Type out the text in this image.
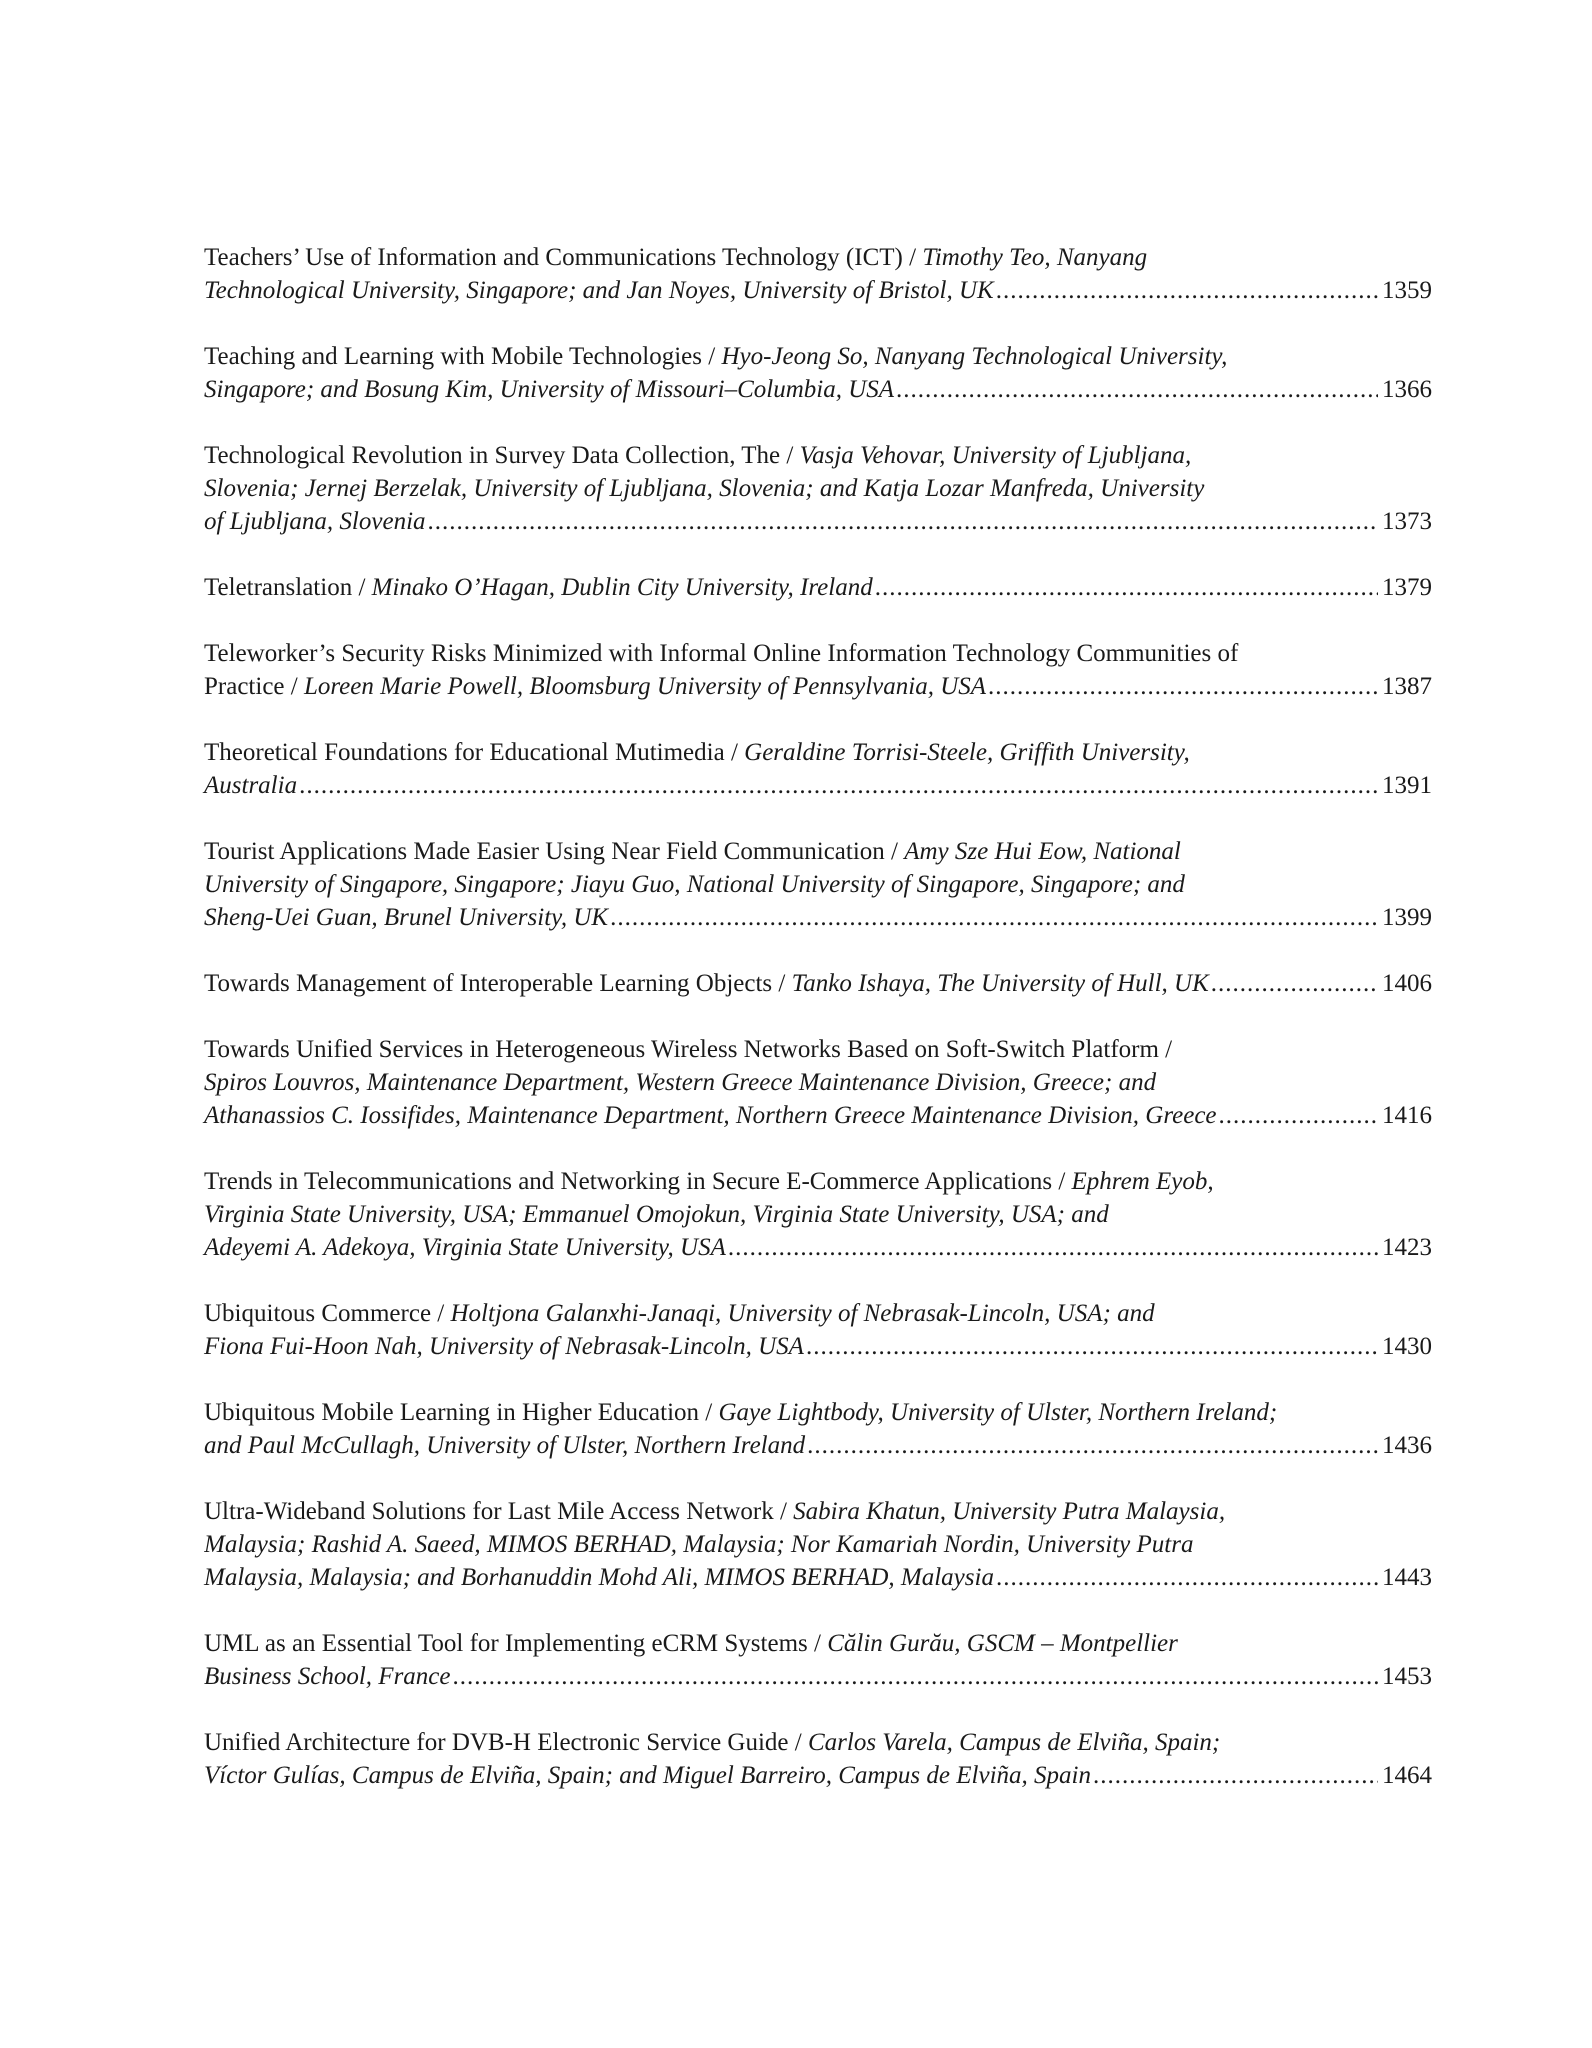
Teachers’ Use of Information and Communications Technology (ICT) / Timothy Teo, Nanyang
Technological University, Singapore; and Jan Noyes, University of Bristol, UK .....	1359
Teaching and Learning with Mobile Technologies / Hyo-Jeong So, Nanyang Technological University,
Singapore; and Bosung Kim, University of Missouri–Columbia, USA .....	1366
Technological Revolution in Survey Data Collection, The / Vasja Vehovar, University of Ljubljana,
Slovenia; Jernej Berzelak, University of Ljubljana, Slovenia; and Katja Lozar Manfreda, University
of Ljubljana, Slovenia .....	1373
Teletranslation / Minako O’Hagan, Dublin City University, Ireland .....	1379
Teleworker’s Security Risks Minimized with Informal Online Information Technology Communities of
Practice / Loreen Marie Powell, Bloomsburg University of Pennsylvania, USA .....	1387
Theoretical Foundations for Educational Mutimedia / Geraldine Torrisi-Steele, Griffith University,
Australia .....	1391
Tourist Applications Made Easier Using Near Field Communication / Amy Sze Hui Eow, National
University of Singapore, Singapore; Jiayu Guo, National University of Singapore, Singapore; and
Sheng-Uei Guan, Brunel University, UK .....	1399
Towards Management of Interoperable Learning Objects / Tanko Ishaya, The University of Hull, UK .....	1406
Towards Unified Services in Heterogeneous Wireless Networks Based on Soft-Switch Platform /
Spiros Louvros, Maintenance Department, Western Greece Maintenance Division, Greece; and
Athanassios C. Iossifides, Maintenance Department, Northern Greece Maintenance Division, Greece .....	1416
Trends in Telecommunications and Networking in Secure E-Commerce Applications / Ephrem Eyob,
Virginia State University, USA; Emmanuel Omojokun, Virginia State University, USA; and
Adeyemi A. Adekoya, Virginia State University, USA .....	1423
Ubiquitous Commerce / Holtjona Galanxhi-Janaqi, University of Nebrasak-Lincoln, USA; and
Fiona Fui-Hoon Nah, University of Nebrasak-Lincoln, USA .....	1430
Ubiquitous Mobile Learning in Higher Education / Gaye Lightbody, University of Ulster, Northern Ireland;
and Paul McCullagh, University of Ulster, Northern Ireland .....	1436
Ultra-Wideband Solutions for Last Mile Access Network / Sabira Khatun, University Putra Malaysia,
Malaysia; Rashid A. Saeed, MIMOS BERHAD, Malaysia; Nor Kamariah Nordin, University Putra
Malaysia, Malaysia; and Borhanuddin Mohd Ali, MIMOS BERHAD, Malaysia .....	1443
UML as an Essential Tool for Implementing eCRM Systems / Călin Gurău, GSCM – Montpellier
Business School, France .....	1453
Unified Architecture for DVB-H Electronic Service Guide / Carlos Varela, Campus de Elviña, Spain;
Víctor Gulías, Campus de Elviña, Spain; and Miguel Barreiro, Campus de Elviña, Spain .....	1464
